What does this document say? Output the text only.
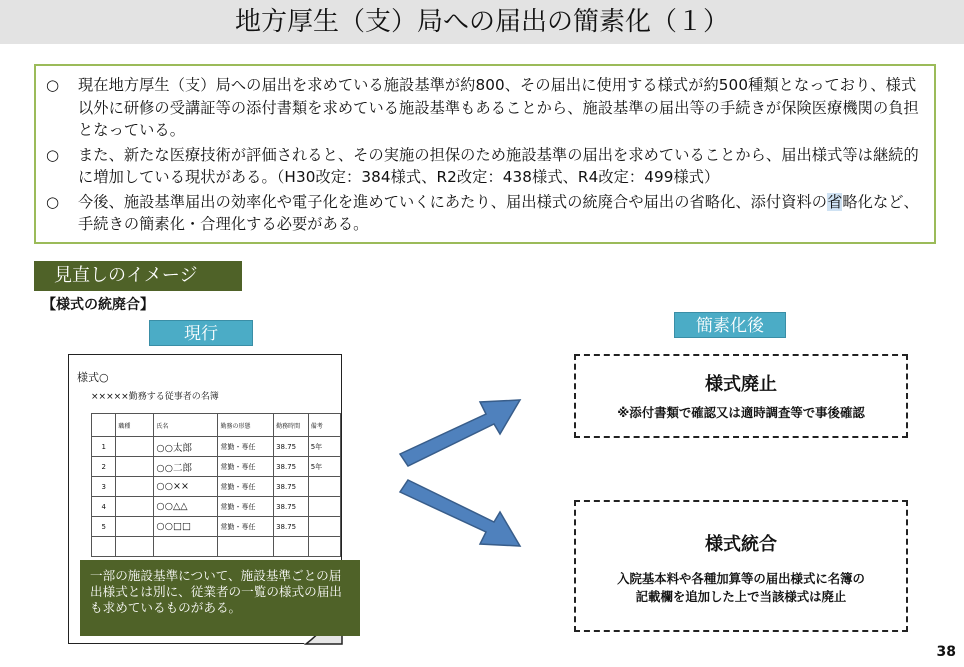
地方厚生（支）局への届出の簡素化（１）
○ 現在地方厚生（支）局への届出を求めている施設基準が約800、その届出に使用する様式が約500種類となっており、様式以外に研修の受講証等の添付書類を求めている施設基準もあることから、施設基準の届出等の手続きが保険医療機関の負担となっている。
○ また、新たな医療技術が評価されると、その実施の担保のため施設基準の届出を求めていることから、届出様式等は継続的に増加している現状がある。（H30改定：384様式、R2改定：438様式、R4改定：499様式）
○ 今後、施設基準届出の効率化や電子化を進めていくにあたり、届出様式の統廃合や届出の省略化、添付資料の省略化など、手続きの簡素化・合理化する必要がある。
見直しのイメージ
【様式の統廃合】
現行	簡素化後
様式○
×××××勤務する従事者の名簿
	職種	氏名	勤務の形態	勤務時間	備考
1		○○太郎	常勤・専任	38.75	5年
2		○○二郎	常勤・専任	38.75	5年
3		○○××	常勤・専任	38.75	
4		○○△△	常勤・専任	38.75	
5		○○□□	常勤・専任	38.75	

一部の施設基準について、施設基準ごとの届出様式とは別に、従業者の一覧の様式の届出も求めているものがある。
様式廃止
※添付書類で確認又は適時調査等で事後確認
様式統合
入院基本料や各種加算等の届出様式に名簿の
記載欄を追加した上で当該様式は廃止
38
